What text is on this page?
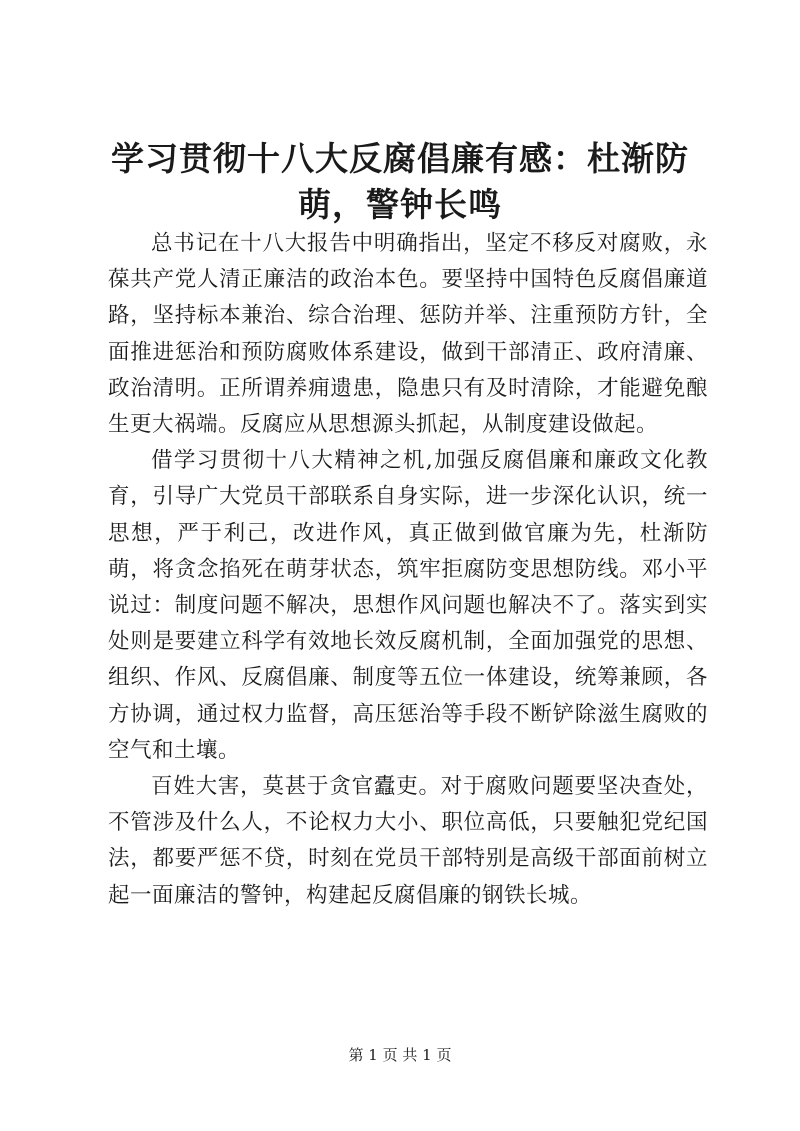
学习贯彻十八大反腐倡廉有感：杜渐防萌，警钟长鸣

总书记在十八大报告中明确指出，坚定不移反对腐败，永葆共产党人清正廉洁的政治本色。要坚持中国特色反腐倡廉道路，坚持标本兼治、综合治理、惩防并举、注重预防方针，全面推进惩治和预防腐败体系建设，做到干部清正、政府清廉、政治清明。正所谓养痈遗患，隐患只有及时清除，才能避免酿生更大祸端。反腐应从思想源头抓起，从制度建设做起。

借学习贯彻十八大精神之机,加强反腐倡廉和廉政文化教育，引导广大党员干部联系自身实际，进一步深化认识，统一思想，严于利己，改进作风，真正做到做官廉为先，杜渐防萌，将贪念掐死在萌芽状态，筑牢拒腐防变思想防线。邓小平说过：制度问题不解决，思想作风问题也解决不了。落实到实处则是要建立科学有效地长效反腐机制，全面加强党的思想、组织、作风、反腐倡廉、制度等五位一体建设，统筹兼顾，各方协调，通过权力监督，高压惩治等手段不断铲除滋生腐败的空气和土壤。

百姓大害，莫甚于贪官蠹吏。对于腐败问题要坚决查处，不管涉及什么人，不论权力大小、职位高低，只要触犯党纪国法，都要严惩不贷，时刻在党员干部特别是高级干部面前树立起一面廉洁的警钟，构建起反腐倡廉的钢铁长城。

第 1 页 共 1 页
